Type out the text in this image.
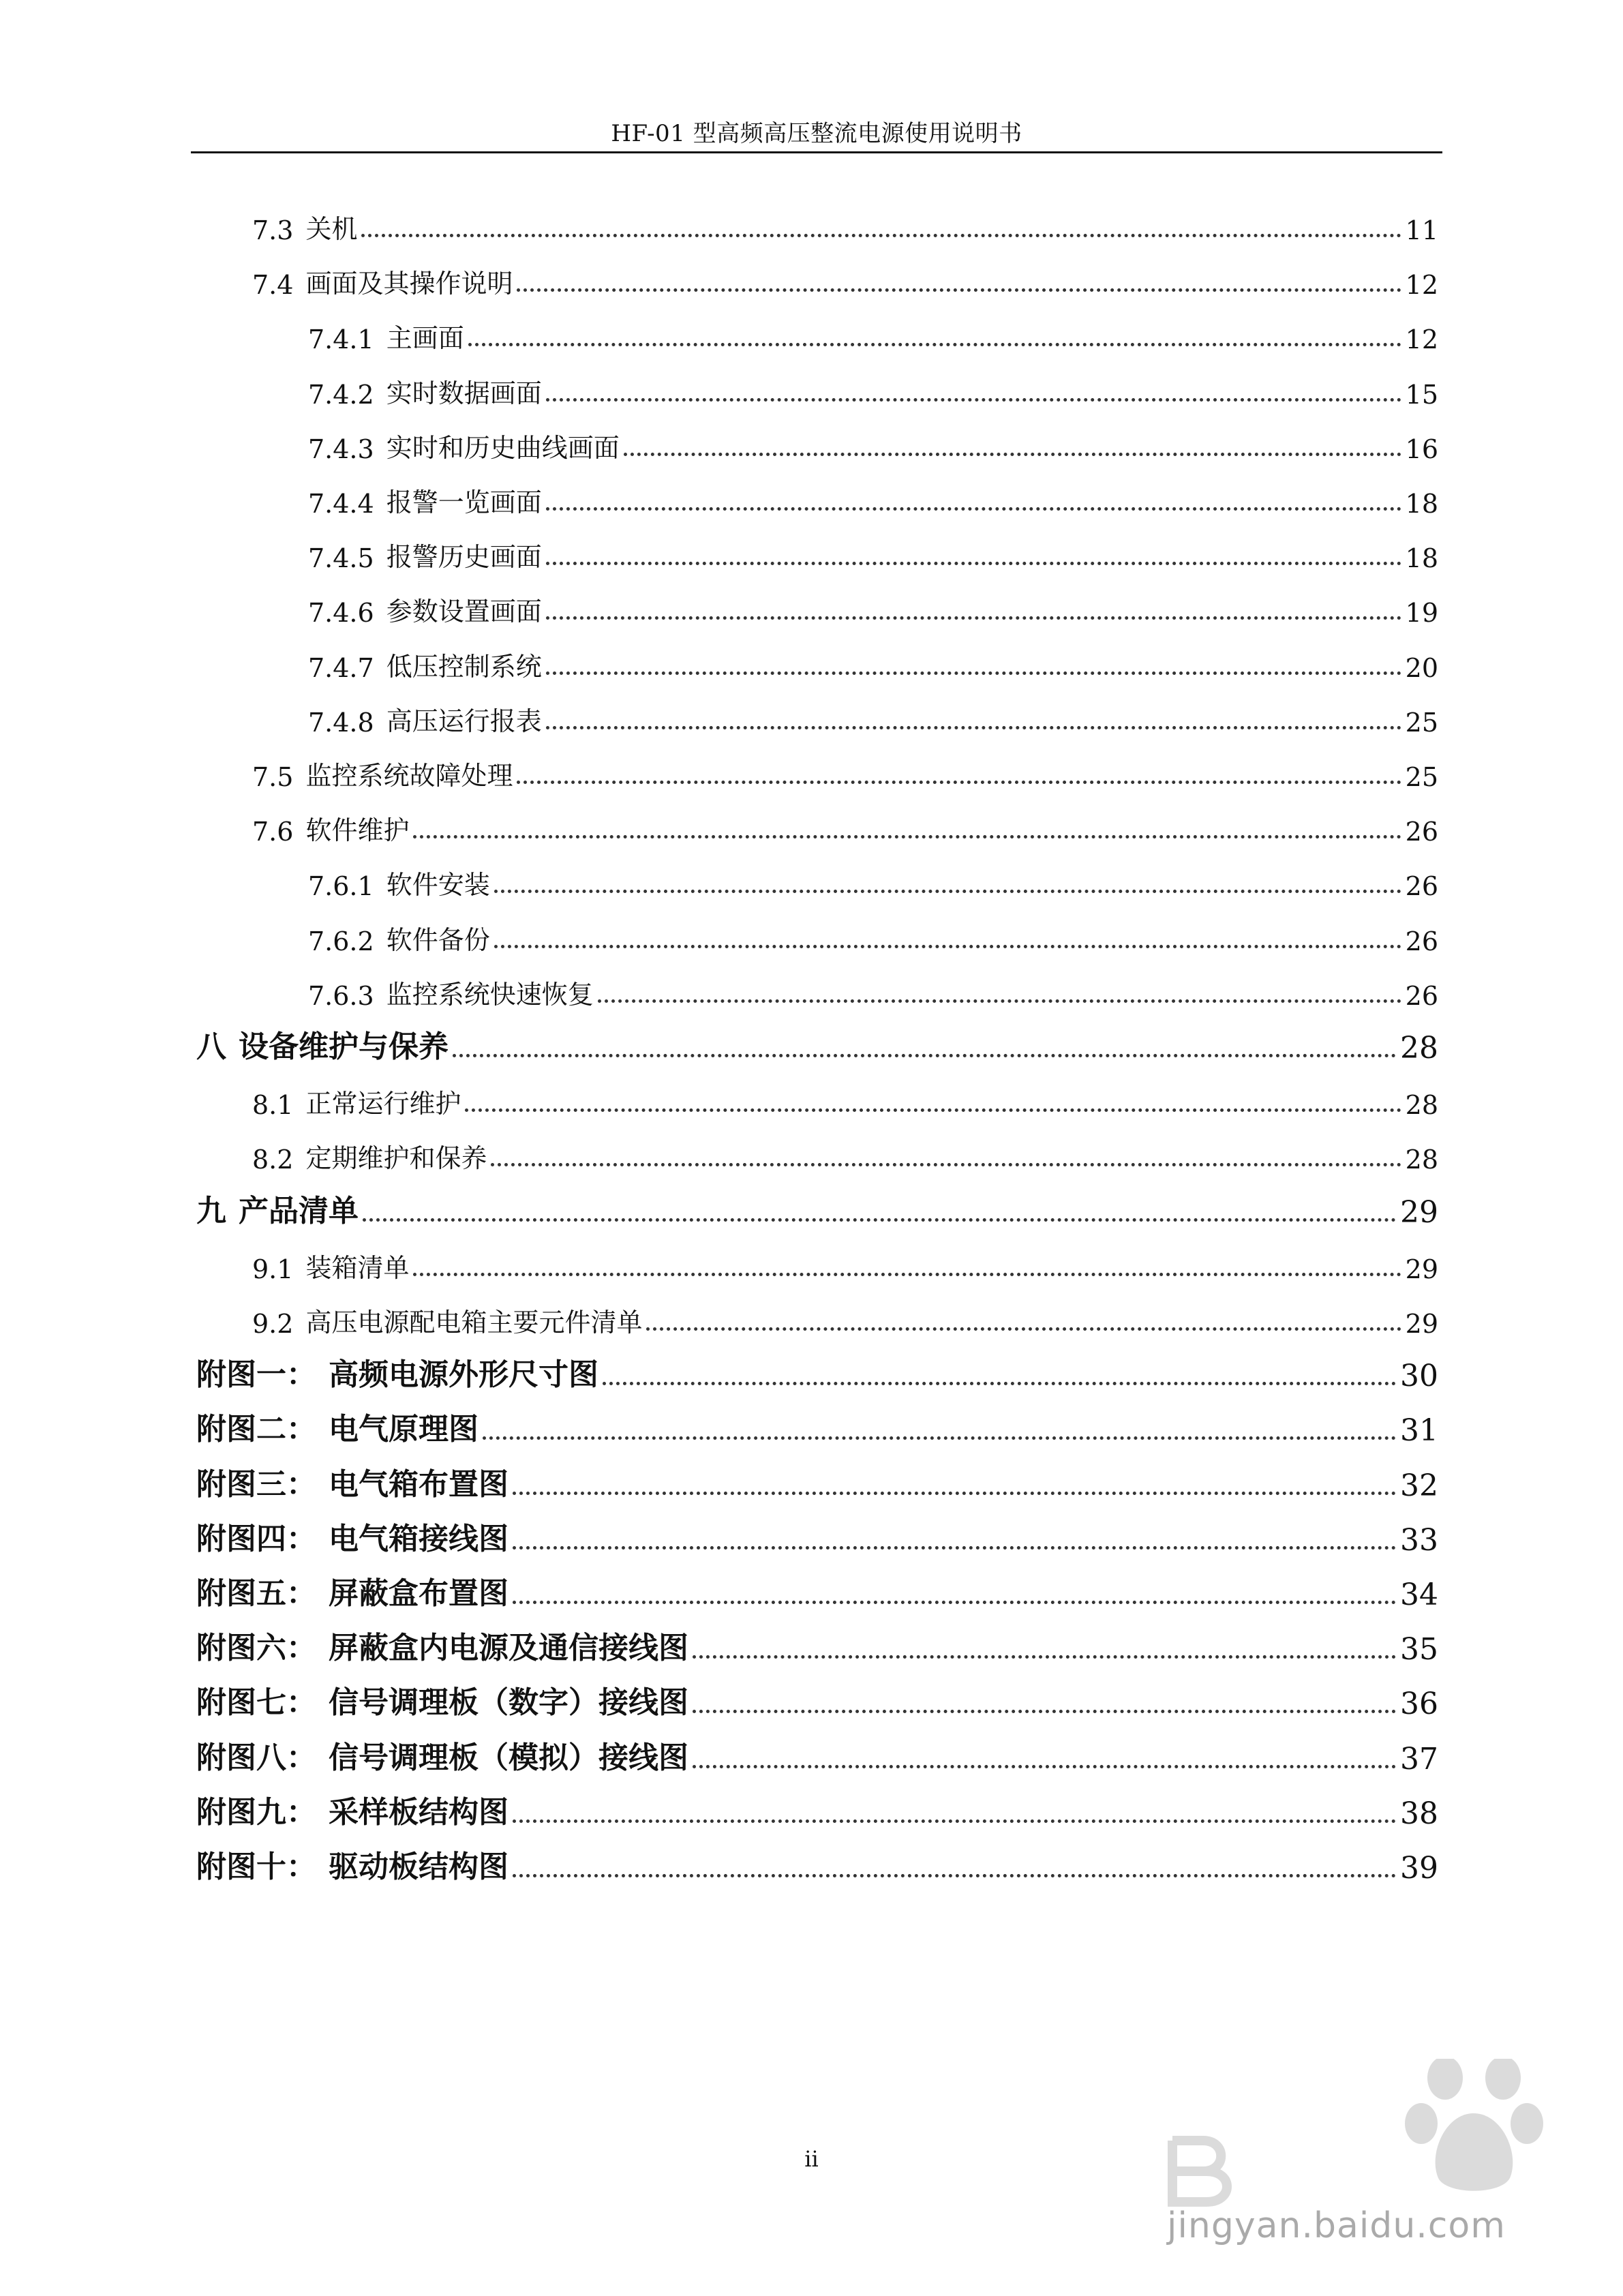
HF-01 型高频高压整流电源使用说明书
7.3 关机	11
7.4 画面及其操作说明	12
7.4.1 主画面	12
7.4.2 实时数据画面	15
7.4.3 实时和历史曲线画面	16
7.4.4 报警一览画面	18
7.4.5 报警历史画面	18
7.4.6 参数设置画面	19
7.4.7 低压控制系统	20
7.4.8 高压运行报表	25
7.5 监控系统故障处理	25
7.6 软件维护	26
7.6.1 软件安装	26
7.6.2 软件备份	26
7.6.3 监控系统快速恢复	26
八 设备维护与保养	28
8.1 正常运行维护	28
8.2 定期维护和保养	28
九 产品清单	29
9.1 装箱清单	29
9.2 高压电源配电箱主要元件清单	29
附图一： 高频电源外形尺寸图	30
附图二： 电气原理图	31
附图三： 电气箱布置图	32
附图四： 电气箱接线图	33
附图五： 屏蔽盒布置图	34
附图六： 屏蔽盒内电源及通信接线图	35
附图七： 信号调理板（数字）接线图	36
附图八： 信号调理板（模拟）接线图	37
附图九： 采样板结构图	38
附图十： 驱动板结构图	39
ii
jingyan.baidu.com
